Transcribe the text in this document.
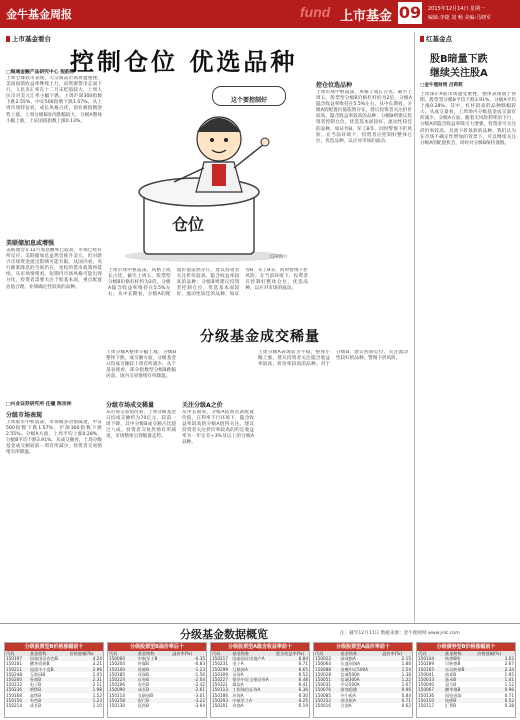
金牛基金周报	fund 上市基金 09 2015年12月14日 星期一
编辑:李捷 刘 畅 美编:马晓军
上市基金看台
控制仓位 优选品种
□海通金融产品研究中心 倪韵婷
上周全球股市表现，大宗商品市场再遭重挫。美国国债收益率继续上行，而资源货币走弱下行。人民币汇率在十二月末贬值较大，上周人民币对美元汇率小幅下跌。上周沪深300指数下跌2.55%，中证500指数下跌1.57%。从上周市场特征看，成长风格占优，创业板指数逆势上涨。上周分级B场内跌幅较大，分级A整体小幅上涨，上证国债指数上涨0.13%。
美联储加息或增强
美联储会在12月加息概率已较高，市场已经有所反应，美联储加息虽然会推升美元，但对新兴市场资金流出影响可能有限。从国内看，央行降准降息的空间仍在，宽松的货币政策将延续。从市场情绪看，短期内市场风格可能出现分化，投资者需要关注个股基本面，重点配置估值合理、业绩确定性较高的品种。
这个要控制好
仓位
CFP图片
控仓位选品种
上周市场中枢震荡，风格上成长占优。截至上周五，股票型分级B价格杠杆约为2倍，分级A隐含收益率维持在5.5%左右。从中长期看，分级A的配置价值依然存在，建议投资者关注折价较高、隐含收益率较高的品种；分级B则建议投资者控制仓位，优选基本面较好、流动性较佳的品种，如证券B、军工B等，同时警惕下折风险。在当前环境下，投资者应控制好整体仓位，优选品种，以应对市场的波动。
上周市场中枢震荡，风格上成长占优。截至上周五，股票型分级B价格杠杆约为2倍，分级A隐含收益率维持在5.5%左右。从中长期看，分级A的配置价值依然存在，建议投资者关注折价较高、隐含收益率较高的品种；分级B则建议投资者控制仓位，优选基本面较好、流动性较佳的品种，如证券B、军工B等，同时警惕下折风险。在当前环境下，投资者应控制好整体仓位，优选品种，以应对市场的波动。
红基金点
股B暗量下跌
继续关注股A
□金牛理财网 吕莉莉
上周深沪A股市场遭受重挫，整体表现弱于预期。股票型分级B平均下跌3.91%，分级A平均上涨0.28%。其中，杠杆较高的品种跌幅较大。从成交量看，上周场内分级基金成交量有所减少。分级A方面，随着无风险利率的下行，分级A的隐含收益率吸引力增强，投资者可关注折价率较高、具备下折条款的品种。我们认为在市场不确定性增加的背景下，可以继续关注分级A的配置机会，同时对分级B保持谨慎。
□兴业证券研究所 任瞳 陈宗林
分级市场表现
上周股市中枢震荡，市场做多热情减退，中证500指数下跌1.57%，沪深300指数下跌2.55%。分级A方面，上周平均上涨0.28%，分级B平均下跌3.91%。从成交额看，上周分级基金成交额较前一周有所减少，投资者交易情绪有所降温。
分级基金成交稀量
上周分级A整体小幅上涨，分级B整体下跌。成交额方面，分级基金日均成交额较上周有所减少。从个基表现看，部分指数型分级B跌幅居前，场内交易情绪有所降温。
分级市场成交稀量
从市场交易情况看，上周分级基金日均成交额约为70亿元，较前一周下降，其中分级B成交额占比超过八成。投资者交易热情有所减退，市场整体呈现缩量态势。
关注分级A之价
从中长期看，分级A依然具备配置价值，在利率下行环境下，隐含收益率较高的分级A值得关注。建议投资者关注折价率较高的约定收益率为一年定存+3%及以上的分级A品种。
上周分级A表现较为平稳，整体小幅上涨。建议投资者关注隐含收益率较高、折价率较高的品种。对于分级B，建议控制仓位，关注流动性较好的品种，警惕下折风险。
分级基金数据概览	注：截至12月11日 数据来源：金牛理财网 www.jnlc.com
分级股票型B价格涨幅前十
代码	基金简称	价格涨幅(%)
150197	国泰国证有色B	4.24
150101	鹏华资源B	3.21
150211	国富中小盘B	2.96
150248	互联网B	2.45
150200	券商B	2.31
150232	电子B	2.11
150236	钢铁B	1.98
150168	高铁B	1.52
150150	有色B	1.23
150214	成长B	1.10
分级股票型B溢价率后十
代码	基金简称	溢价率(%)
150060	中航军工B	-0.35
150204	传媒B	-0.83
150100	资源B	-1.23
150185	环保B	-1.56
150224	证券B	-2.04
150196	有色B	-2.42
150090	成长B	-2.61
150114	互联网B	-3.01
150258	银行B	-3.22
150130	医药B	-3.64
分级股票型A隐含收益率前十
代码	基金简称	隐含收益率(%)
150217	国泰国证房地产A	6.84
150231	电子A	6.71
150299	互联网A	6.65
150309	证保A	6.52
150227	银华中证全指证券A	6.48
150321	煤炭A	6.41
150113	工银瑞信证券A	6.36
150186	环保A	6.30
150293	中航军工A	6.25
150201	券商A	6.19
分级股票型A溢价率前十
代码	基金简称	溢价率(%)
150022	深成指A	2.15
150064	长盛同瑞A	1.86
150088	金鹰中证500A	1.54
150028	信诚500A	1.38
150051	信诚300A	1.22
150031	中证500A	1.07
150076	浙商稳健	0.96
150085	中小板A	0.84
150152	创业板A	0.71
150016	合润A	0.62
分级债券型B价格涨幅前十
代码	基金简称	价格涨幅(%)
150144	转债B级	3.02
150189	可转债B	2.67
150165	东吴转债B	2.34
150041	裕祥B	1.95
150033	嘉禾B	1.41
150040	双力B	1.12
150067	鹏华聚B	0.96
150136	国投进取	0.71
150110	纯债B	0.52
150117	汇利B	0.38
